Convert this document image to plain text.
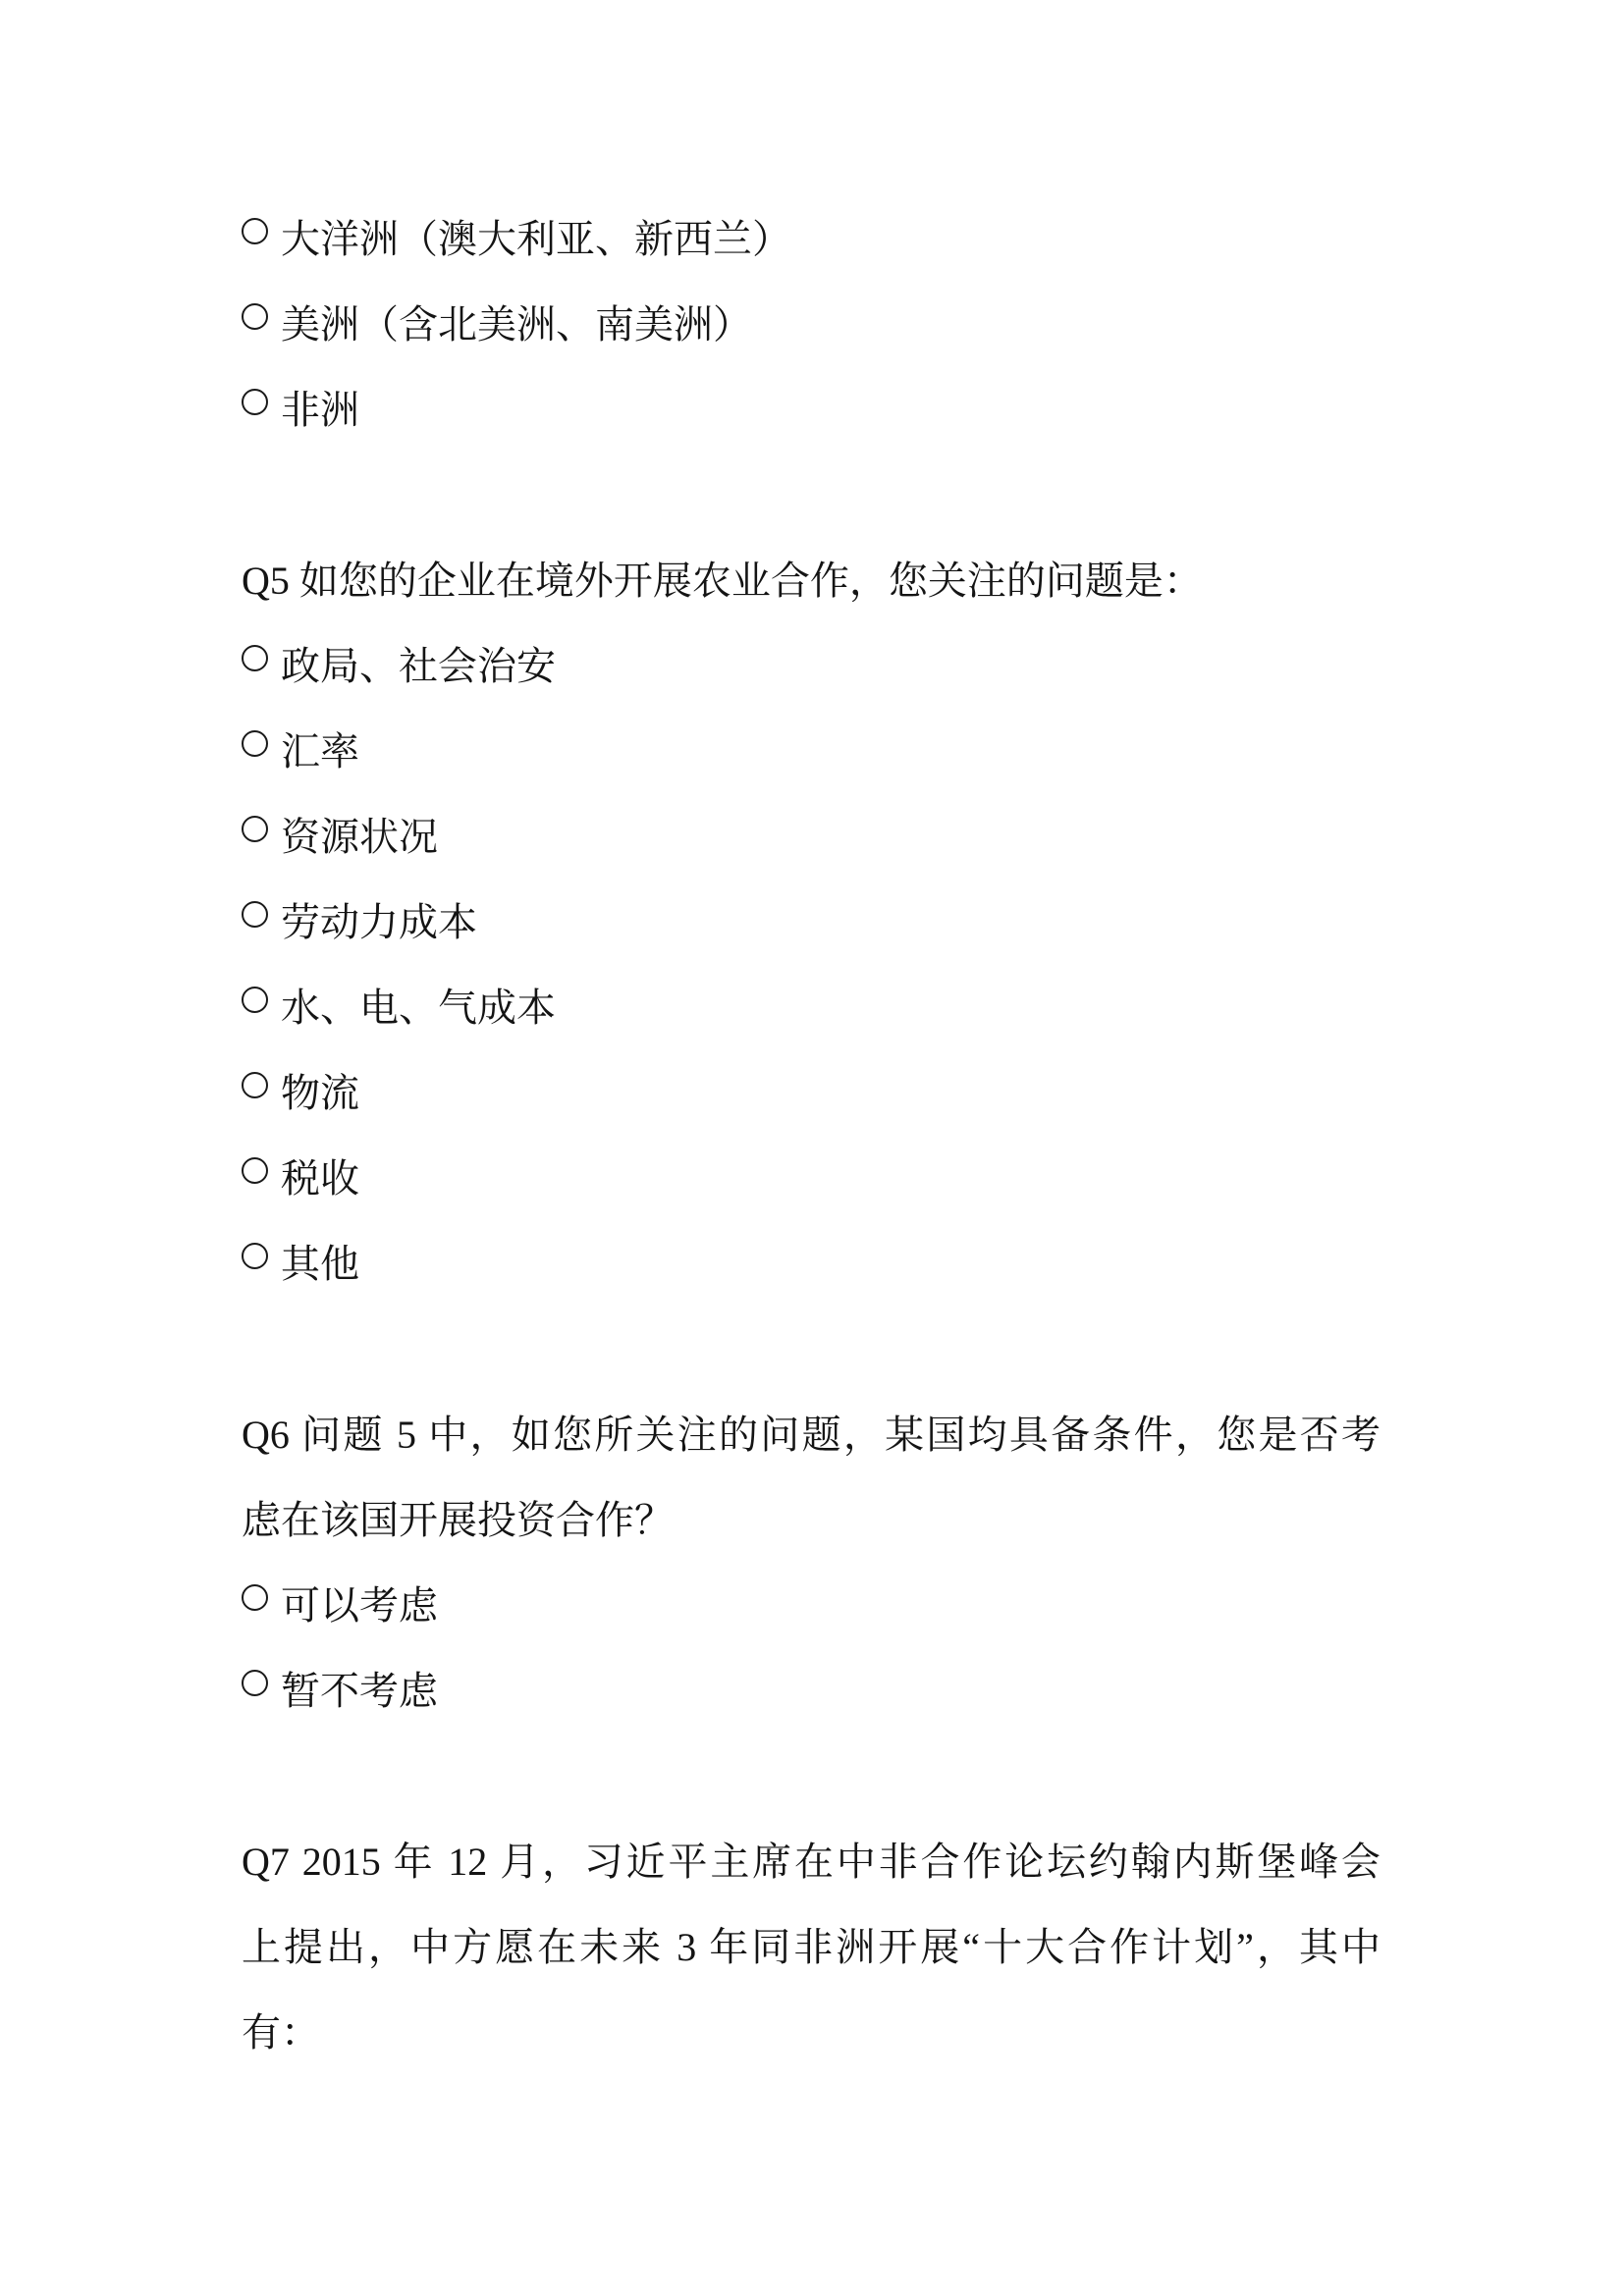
大洋洲（澳大利亚、新西兰）
美洲（含北美洲、南美洲）
非洲
Q5 如您的企业在境外开展农业合作，您关注的问题是：
政局、社会治安
汇率
资源状况
劳动力成本
水、电、气成本
物流
税收
其他
Q6 问题 5 中，如您所关注的问题，某国均具备条件，您是否考
虑在该国开展投资合作？
可以考虑
暂不考虑
Q7 2015 年 12 月，习近平主席在中非合作论坛约翰内斯堡峰会
上提出，中方愿在未来 3 年同非洲开展“十大合作计划”，其中
有：
